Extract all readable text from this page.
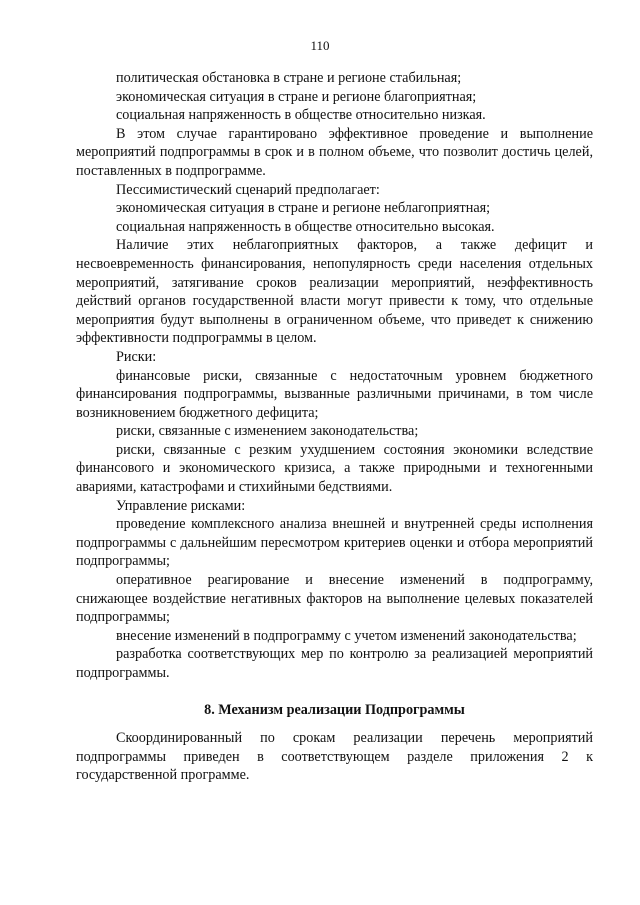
110

политическая обстановка в стране и регионе стабильная;

экономическая ситуация в стране и регионе благоприятная;

социальная напряженность в обществе относительно низкая.

В этом случае гарантировано эффективное проведение и выполнение мероприятий подпрограммы в срок и в полном объеме, что позволит достичь целей, поставленных в подпрограмме.

Пессимистический сценарий предполагает:

экономическая ситуация в стране и регионе неблагоприятная;

социальная напряженность в обществе относительно высокая.

Наличие этих неблагоприятных факторов, а также дефицит и несвоевременность финансирования, непопулярность среди населения отдельных мероприятий, затягивание сроков реализации мероприятий, неэффективность действий органов государственной власти могут привести к тому, что отдельные мероприятия будут выполнены в ограниченном объеме, что приведет к снижению эффективности подпрограммы в целом.

Риски:

финансовые риски, связанные с недостаточным уровнем бюджетного финансирования подпрограммы, вызванные различными причинами, в том числе возникновением бюджетного дефицита;

риски, связанные с изменением законодательства;

риски, связанные с резким ухудшением состояния экономики вследствие финансового и экономического кризиса, а также природными и техногенными авариями, катастрофами и стихийными бедствиями.

Управление рисками:

проведение комплексного анализа внешней и внутренней среды исполнения подпрограммы с дальнейшим пересмотром критериев оценки и отбора мероприятий подпрограммы;

оперативное реагирование и внесение изменений в подпрограмму, снижающее воздействие негативных факторов на выполнение целевых показателей подпрограммы;

внесение изменений в подпрограмму с учетом изменений законодательства;

разработка соответствующих мер по контролю за реализацией мероприятий подпрограммы.

8. Механизм реализации Подпрограммы

Скоординированный по срокам реализации перечень мероприятий подпрограммы приведен в соответствующем разделе приложения 2 к государственной программе.
